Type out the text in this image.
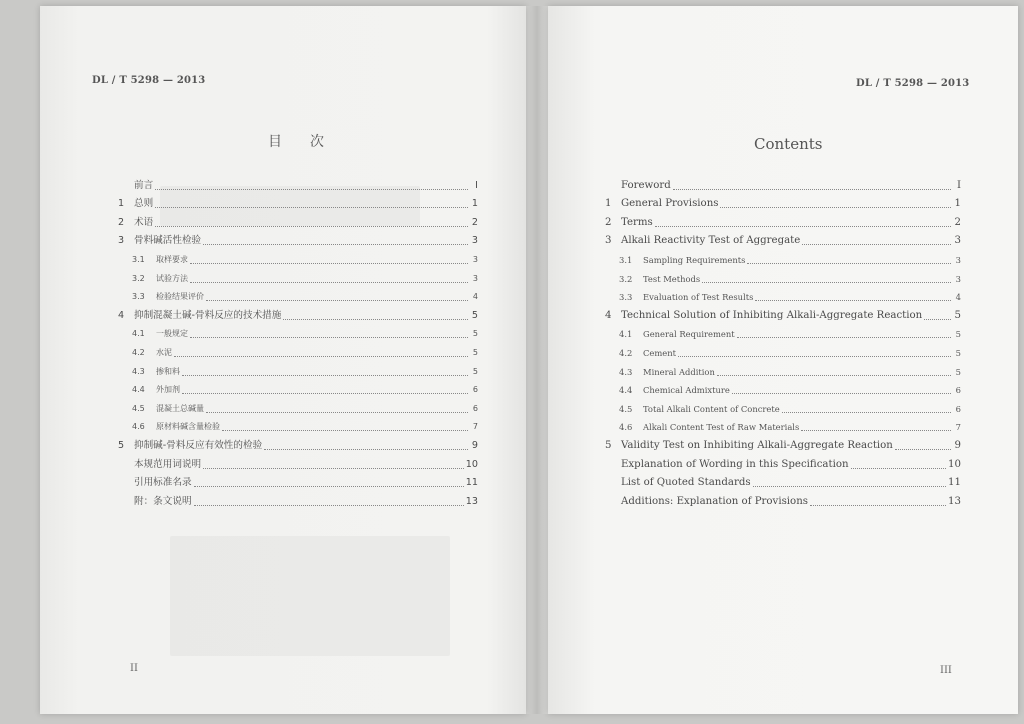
DL / T 5298 — 2013
目　　次
前言	Ⅰ
1	总则	1
2	术语	2
3	骨料碱活性检验	3
3.1	取样要求	3
3.2	试验方法	3
3.3	检验结果评价	4
4	抑制混凝土碱-骨料反应的技术措施	5
4.1	一般规定	5
4.2	水泥	5
4.3	掺和料	5
4.4	外加剂	6
4.5	混凝土总碱量	6
4.6	原材料碱含量检验	7
5	抑制碱-骨料反应有效性的检验	9
本规范用词说明	10
引用标准名录	11
附：条文说明	13
II
DL / T 5298 — 2013
Contents
Foreword	Ⅰ
1 General Provisions	1
2 Terms	2
3 Alkali Reactivity Test of Aggregate	3
3.1	Sampling Requirements	3
3.2	Test Methods	3
3.3	Evaluation of Test Results	4
4 Technical Solution of Inhibiting Alkali-Aggregate Reaction	5
4.1	General Requirement	5
4.2	Cement	5
4.3	Mineral Addition	5
4.4	Chemical Admixture	6
4.5	Total Alkali Content of Concrete	6
4.6	Alkali Content Test of Raw Materials	7
5 Validity Test on Inhibiting Alkali-Aggregate Reaction	9
Explanation of Wording in this Specification	10
List of Quoted Standards	11
Additions: Explanation of Provisions	13
III
